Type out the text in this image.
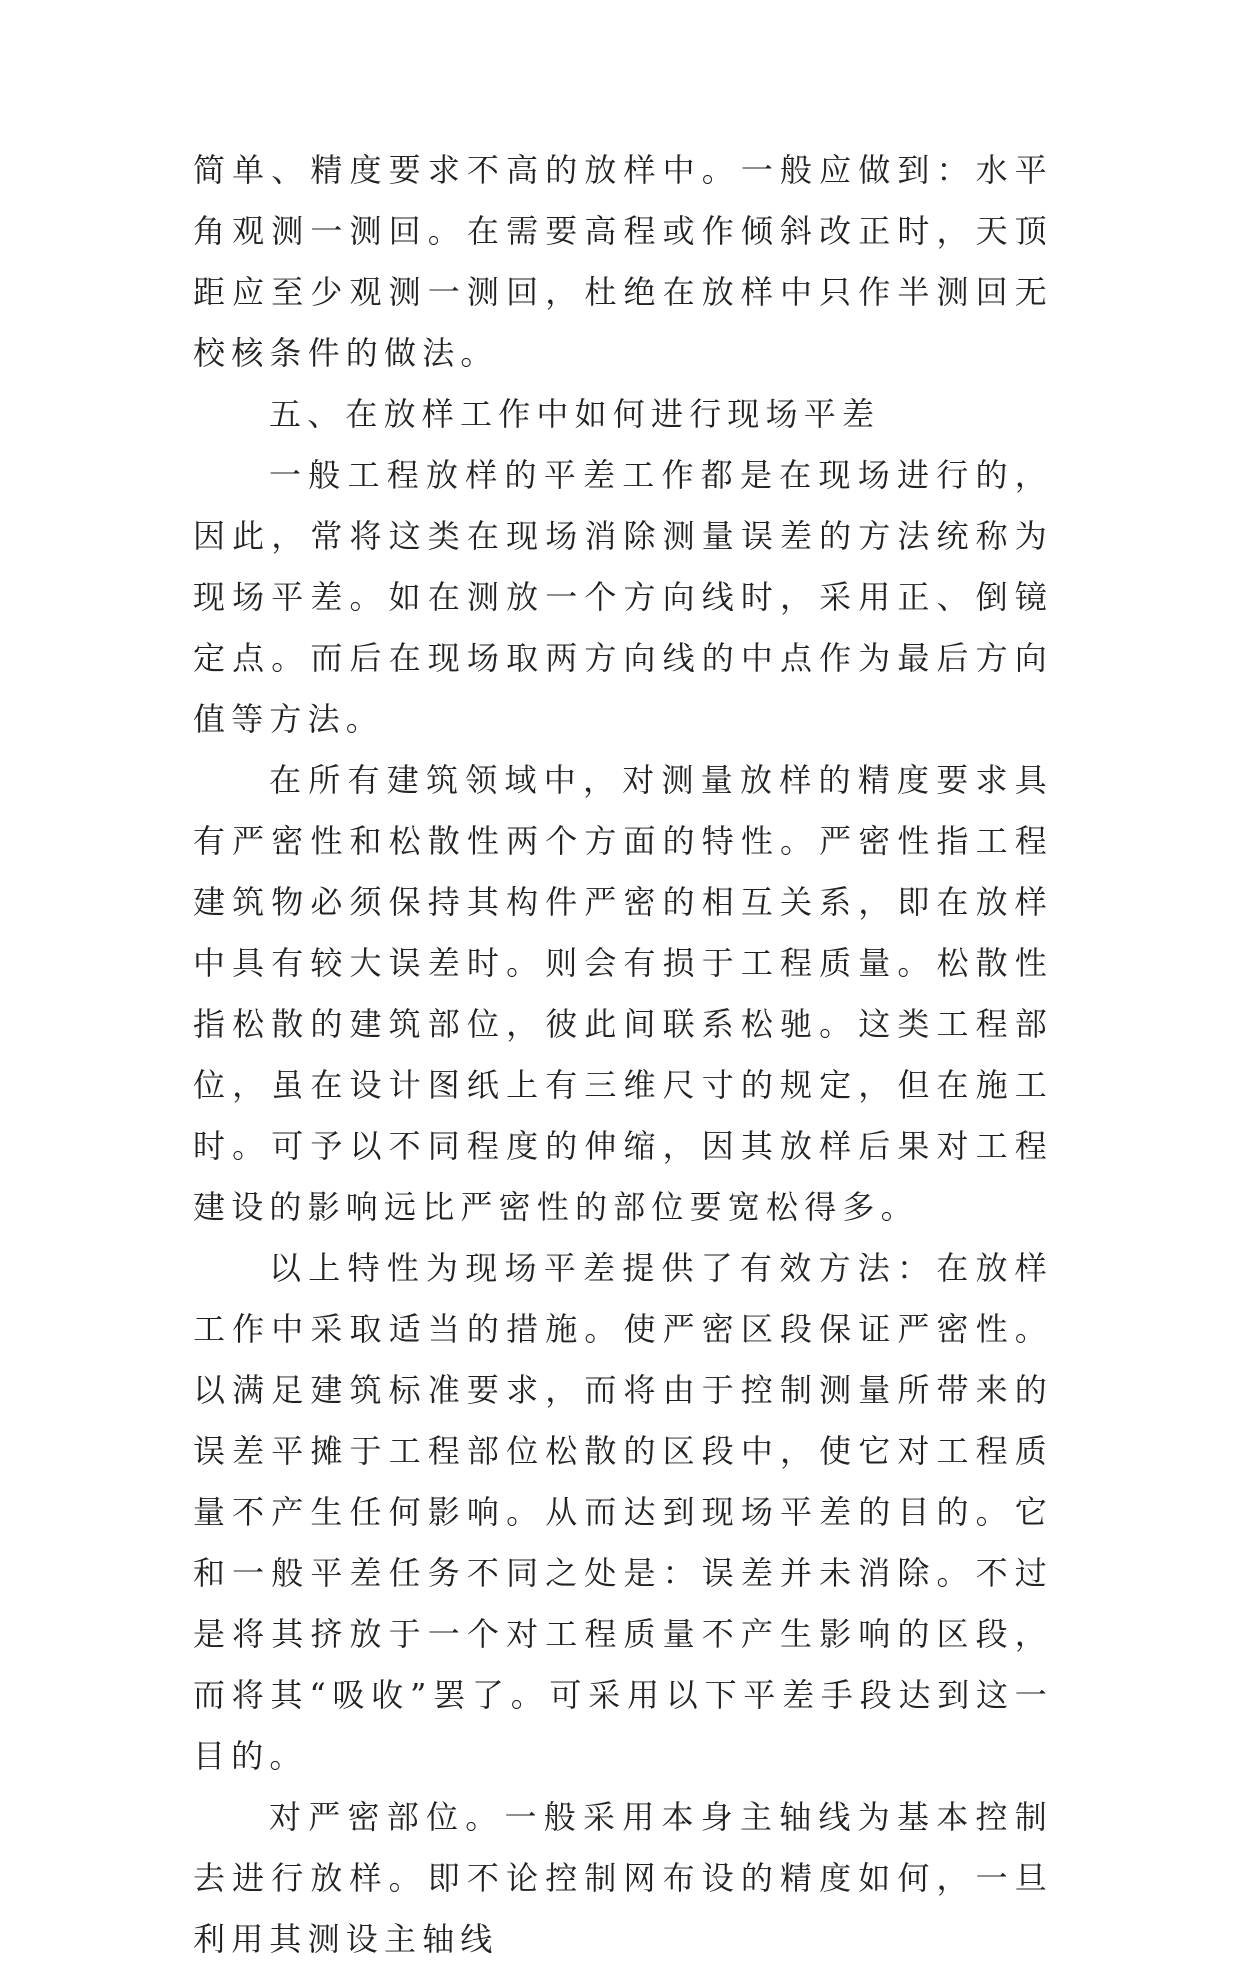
简单、精度要求不高的放样中。一般应做到：水平角观测一测回。在需要高程或作倾斜改正时，天顶距应至少观测一测回，杜绝在放样中只作半测回无校核条件的做法。

五、在放样工作中如何进行现场平差

一般工程放样的平差工作都是在现场进行的，因此，常将这类在现场消除测量误差的方法统称为现场平差。如在测放一个方向线时，采用正、倒镜定点。而后在现场取两方向线的中点作为最后方向值等方法。

在所有建筑领域中，对测量放样的精度要求具有严密性和松散性两个方面的特性。严密性指工程建筑物必须保持其构件严密的相互关系，即在放样中具有较大误差时。则会有损于工程质量。松散性指松散的建筑部位，彼此间联系松驰。这类工程部位，虽在设计图纸上有三维尺寸的规定，但在施工时。可予以不同程度的伸缩，因其放样后果对工程建设的影响远比严密性的部位要宽松得多。

以上特性为现场平差提供了有效方法：在放样工作中采取适当的措施。使严密区段保证严密性。以满足建筑标准要求，而将由于控制测量所带来的误差平摊于工程部位松散的区段中，使它对工程质量不产生任何影响。从而达到现场平差的目的。它和一般平差任务不同之处是：误差并未消除。不过是将其挤放于一个对工程质量不产生影响的区段，而将其“吸收”罢了。可采用以下平差手段达到这一目的。

对严密部位。一般采用本身主轴线为基本控制去进行放样。即不论控制网布设的精度如何，一旦利用其测设主轴线
